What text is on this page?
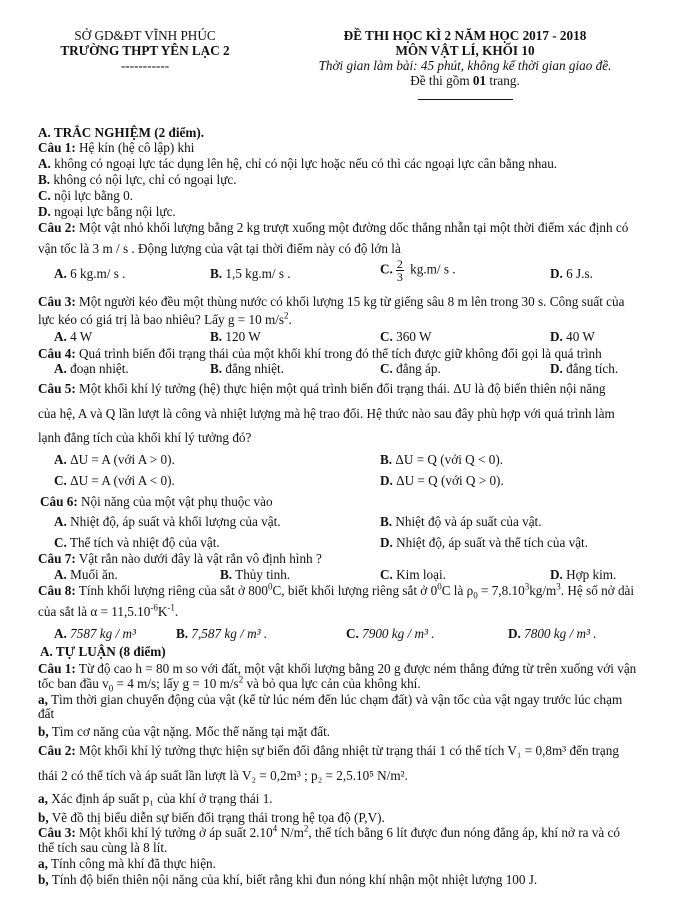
SỞ GD&ĐT VĨNH PHÚC
TRƯỜNG THPT YÊN LẠC 2
-----------
ĐỀ THI HỌC KÌ 2 NĂM HỌC 2017 - 2018
MÔN VẬT LÍ, KHỐI 10
Thời gian làm bài: 45 phút, không kể thời gian giao đề.
Đề thi gồm 01 trang.
A. TRẮC NGHIỆM (2 điểm).
Câu 1: Hệ kín (hệ cô lập) khi
A. không có ngoại lực tác dụng lên hệ, chỉ có nội lực hoặc nếu có thì các ngoại lực cân bằng nhau.
B. không có nội lực, chỉ có ngoại lực.
C. nội lực bằng 0.
D. ngoại lực bằng nội lực.
Câu 2: Một vật nhỏ khối lượng bằng 2 kg trượt xuống một đường dốc thẳng nhẵn tại một thời điểm xác định có
vận tốc là 3 m / s . Động lượng của vật tại thời điểm này có độ lớn là
A. 6 kg.m/ s .	B. 1,5 kg.m/ s .	C. $\frac{2}{3} kg.m/$ s .	D. 6 J.s.
Câu 3: Một người kéo đều một thùng nước có khối lượng 15 kg từ giếng sâu 8 m lên trong 30 s. Công suất của
lực kéo có giá trị là bao nhiêu? Lấy g = 10 $m/s^2$.
A. 4 W	B. 120 W	C. 360 W	D. 40 W
Câu 4: Quá trình biến đổi trạng thái của một khối khí trong đó thể tích được giữ không đổi gọi là quá trình
A. đoạn nhiệt.	B. đẳng nhiệt.	C. đẳng áp.	D. đẳng tích.
Câu 5: Một khối khí lý tưởng (hệ) thực hiện một quá trình biến đổi trạng thái. ΔU là độ biến thiên nội năng
của hệ, A và Q lần lượt là công và nhiệt lượng mà hệ trao đổi. Hệ thức nào sau đây phù hợp với quá trình làm
lạnh đẳng tích của khối khí lý tưởng đó?
A. ΔU = A (với A > 0).	B. ΔU = Q (với Q < 0).
C. ΔU = A (với A < 0).	D. ΔU = Q (với Q > 0).
Câu 6: Nội năng của một vật phụ thuộc vào
A. Nhiệt độ, áp suất và khối lượng của vật.	B. Nhiệt độ và áp suất của vật.
C. Thể tích và nhiệt độ của vật.	D. Nhiệt độ, áp suất và thể tích của vật.
Câu 7: Vật rắn nào dưới đây là vật rắn vô định hình ?
A. Muối ăn.	B. Thủy tinh.	C. Kim loại.	D. Hợp kim.
Câu 8: Tính khối lượng riêng của sắt ở $800^0C$, biết khối lượng riêng sắt ở $0^0C$ là $\rho_0 = 7,8.10^3kg/m^3$. Hệ số nở dài
của sắt là $\alpha = 11,5.10^{-6}K^{-1}$.
A. 7587 kg / m³	B. 7,587 kg / m³ .	C. 7900 kg / m³ .	D. 7800 kg / m³ .
A. TỰ LUẬN (8 điểm)
Câu 1: Từ độ cao h = 80 m so với đất, một vật khối lượng bằng 20 g được ném thẳng đứng từ trên xuống với vận
tốc ban đầu $v_0 = 4$ m/s; lấy g = 10 $m/s^2$ và bỏ qua lực cản của không khí.
a, Tìm thời gian chuyển động của vật (kể từ lúc ném đến lúc chạm đất) và vận tốc của vật ngay trước lúc chạm
đất
b, Tìm cơ năng của vật nặng. Mốc thế năng tại mặt đất.
Câu 2: Một khối khí lý tưởng thực hiện sự biến đổi đẳng nhiệt từ trạng thái 1 có thể tích V₁ = 0,8m³ đến trạng
thái 2 có thể tích và áp suất lần lượt là V₂ = 0,2m³ ; p₂ = 2,5.10⁵ N/m².
a, Xác định áp suất p₁ của khí ở trạng thái 1.
b, Vẽ đồ thị biểu diễn sự biến đổi trạng thái trong hệ tọa độ (P,V).
Câu 3: Một khối khí lý tưởng ở áp suất 2.10$^4$ $N/m^2$, thể tích bằng 6 lít được đun nóng đẳng áp, khí nở ra và có
thể tích sau cùng là 8 lít.
a, Tính công mà khí đã thực hiện.
b, Tính độ biến thiên nội năng của khí, biết rằng khi đun nóng khí nhận một nhiệt lượng 100 J.
